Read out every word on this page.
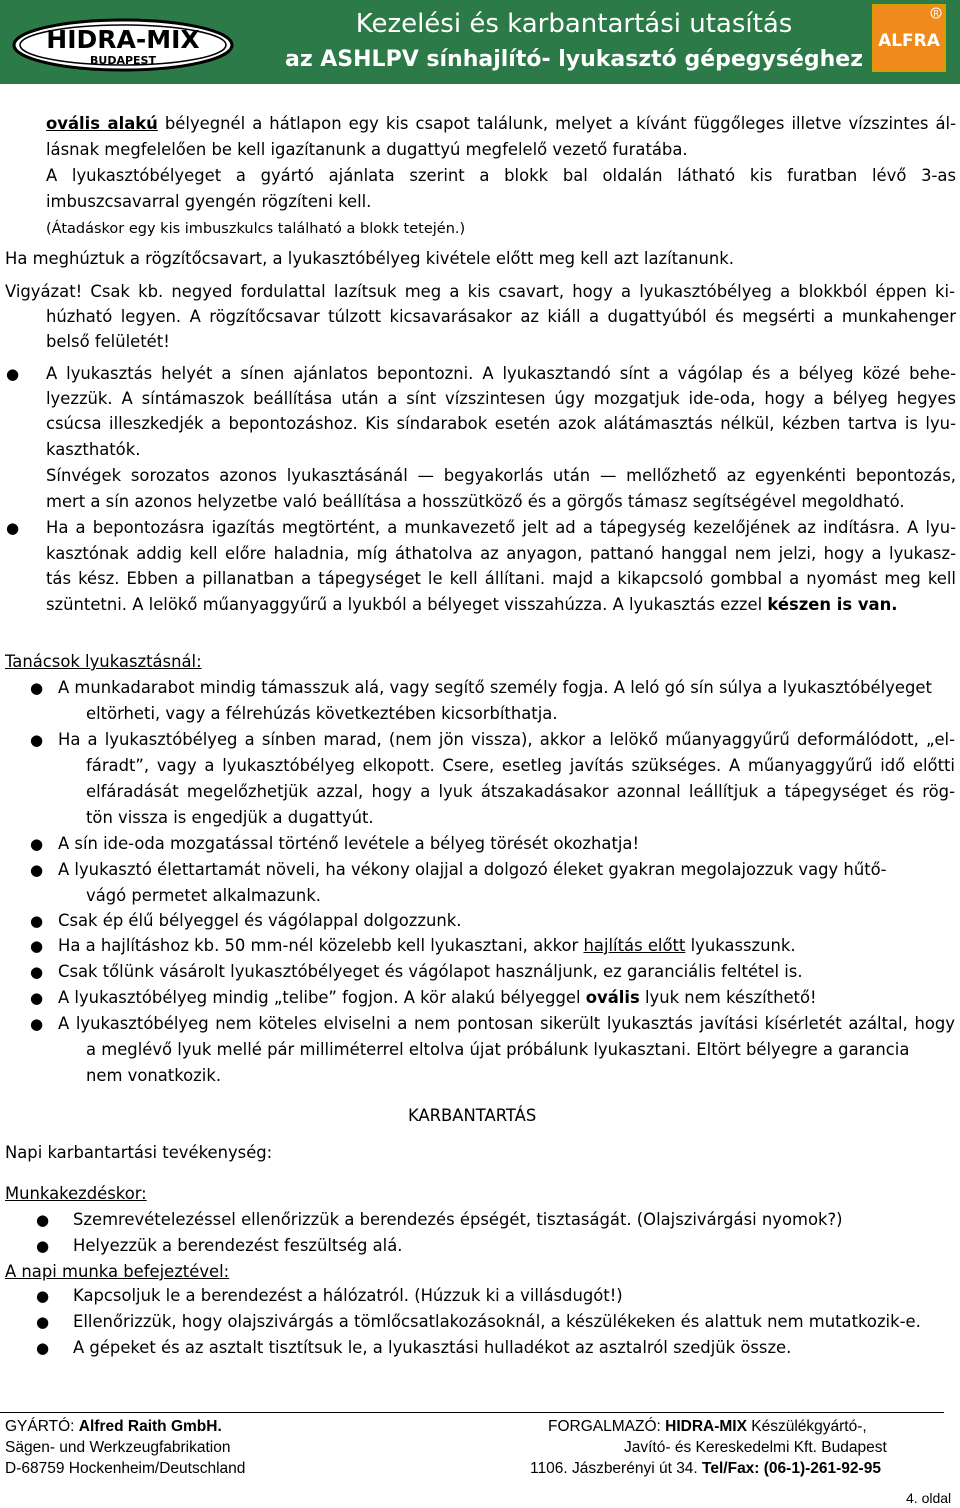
HIDRA-MIX
BUDAPEST
Kezelési és karbantartási utasítás
az ASHLPV sínhajlító- lyukasztó gépegységhez
R
ALFRA
ovális alakú bélyegnél a hátlapon egy kis csapot találunk, melyet a kívánt függőleges illetve vízszintes ál-
lásnak megfelelően be kell igazítanunk a dugattyú megfelelő vezető furatába.
A lyukasztóbélyeget a gyártó ajánlata szerint a blokk bal oldalán látható kis furatban lévő 3-as
imbuszcsavarral gyengén rögzíteni kell.
(Átadáskor egy kis imbuszkulcs található a blokk tetején.)
Ha meghúztuk a rögzítőcsavart, a lyukasztóbélyeg kivétele előtt meg kell azt lazítanunk.
Vigyázat! Csak kb. negyed fordulattal lazítsuk meg a kis csavart, hogy a lyukasztóbélyeg a blokkból éppen ki-
húzható legyen. A rögzítőcsavar túlzott kicsavarásakor az kiáll a dugattyúból és megsérti a munkahenger
belső felületét!
● A lyukasztás helyét a sínen ajánlatos bepontozni. A lyukasztandó sínt a vágólap és a bélyeg közé behe-
lyezzük. A síntámaszok beállítása után a sínt vízszintesen úgy mozgatjuk ide-oda, hogy a bélyeg hegyes
csúcsa illeszkedjék a bepontozáshoz. Kis síndarabok esetén azok alátámasztás nélkül, kézben tartva is lyu-
kaszthatók.
Sínvégek sorozatos azonos lyukasztásánál — begyakorlás után — mellőzhető az egyenkénti bepontozás,
mert a sín azonos helyzetbe való beállítása a hosszütköző és a görgős támasz segítségével megoldható.
● Ha a bepontozásra igazítás megtörtént, a munkavezető jelt ad a tápegység kezelőjének az indításra. A lyu-
kasztónak addig kell előre haladnia, míg áthatolva az anyagon, pattanó hanggal nem jelzi, hogy a lyukasz-
tás kész. Ebben a pillanatban a tápegységet le kell állítani. majd a kikapcsoló gombbal a nyomást meg kell
szüntetni. A lelökő műanyaggyűrű a lyukból a bélyeget visszahúzza. A lyukasztás ezzel készen is van.
Tanácsok lyukasztásnál:
● A munkadarabot mindig támasszuk alá, vagy segítő személy fogja. A leló gó sín súlya a lyukasztóbélyeget
eltörheti, vagy a félrehúzás következtében kicsorbíthatja.
● Ha a lyukasztóbélyeg a sínben marad, (nem jön vissza), akkor a lelökő műanyaggyűrű deformálódott, „el-
fáradt”, vagy a lyukasztóbélyeg elkopott. Csere, esetleg javítás szükséges. A műanyaggyűrű idő előtti
elfáradását megelőzhetjük azzal, hogy a lyuk átszakadásakor azonnal leállítjuk a tápegységet és rög-
tön vissza is engedjük a dugattyút.
● A sín ide-oda mozgatással történő levétele a bélyeg törését okozhatja!
● A lyukasztó élettartamát növeli, ha vékony olajjal a dolgozó éleket gyakran megolajozzuk vagy hűtő-
vágó permetet alkalmazunk.
● Csak ép élű bélyeggel és vágólappal dolgozzunk.
● Ha a hajlításhoz kb. 50 mm-nél közelebb kell lyukasztani, akkor hajlítás előtt lyukasszunk.
● Csak tőlünk vásárolt lyukasztóbélyeget és vágólapot használjunk, ez garanciális feltétel is.
● A lyukasztóbélyeg mindig „telibe” fogjon. A kör alakú bélyeggel ovális lyuk nem készíthető!
● A lyukasztóbélyeg nem köteles elviselni a nem pontosan sikerült lyukasztás javítási kísérletét azáltal, hogy
a meglévő lyuk mellé pár milliméterrel eltolva újat próbálunk lyukasztani. Eltört bélyegre a garancia
nem vonatkozik.
KARBANTARTÁS
Napi karbantartási tevékenység:
Munkakezdéskor:
● Szemrevételezéssel ellenőrizzük a berendezés épségét, tisztaságát. (Olajszivárgási nyomok?)
● Helyezzük a berendezést feszültség alá.
A napi munka befejeztével:
● Kapcsoljuk le a berendezést a hálózatról. (Húzzuk ki a villásdugót!)
● Ellenőrizzük, hogy olajszivárgás a tömlőcsatlakozásoknál, a készülékeken és alattuk nem mutatkozik-e.
● A gépeket és az asztalt tisztítsuk le, a lyukasztási hulladékot az asztalról szedjük össze.
GYÁRTÓ: Alfred Raith GmbH.
Sägen- und Werkzeugfabrikation
D-68759 Hockenheim/Deutschland
FORGALMAZÓ: HIDRA-MIX Készülékgyártó-,
Javító- és Kereskedelmi Kft. Budapest
1106. Jászberényi út 34. Tel/Fax: (06-1)-261-92-95
4. oldal
